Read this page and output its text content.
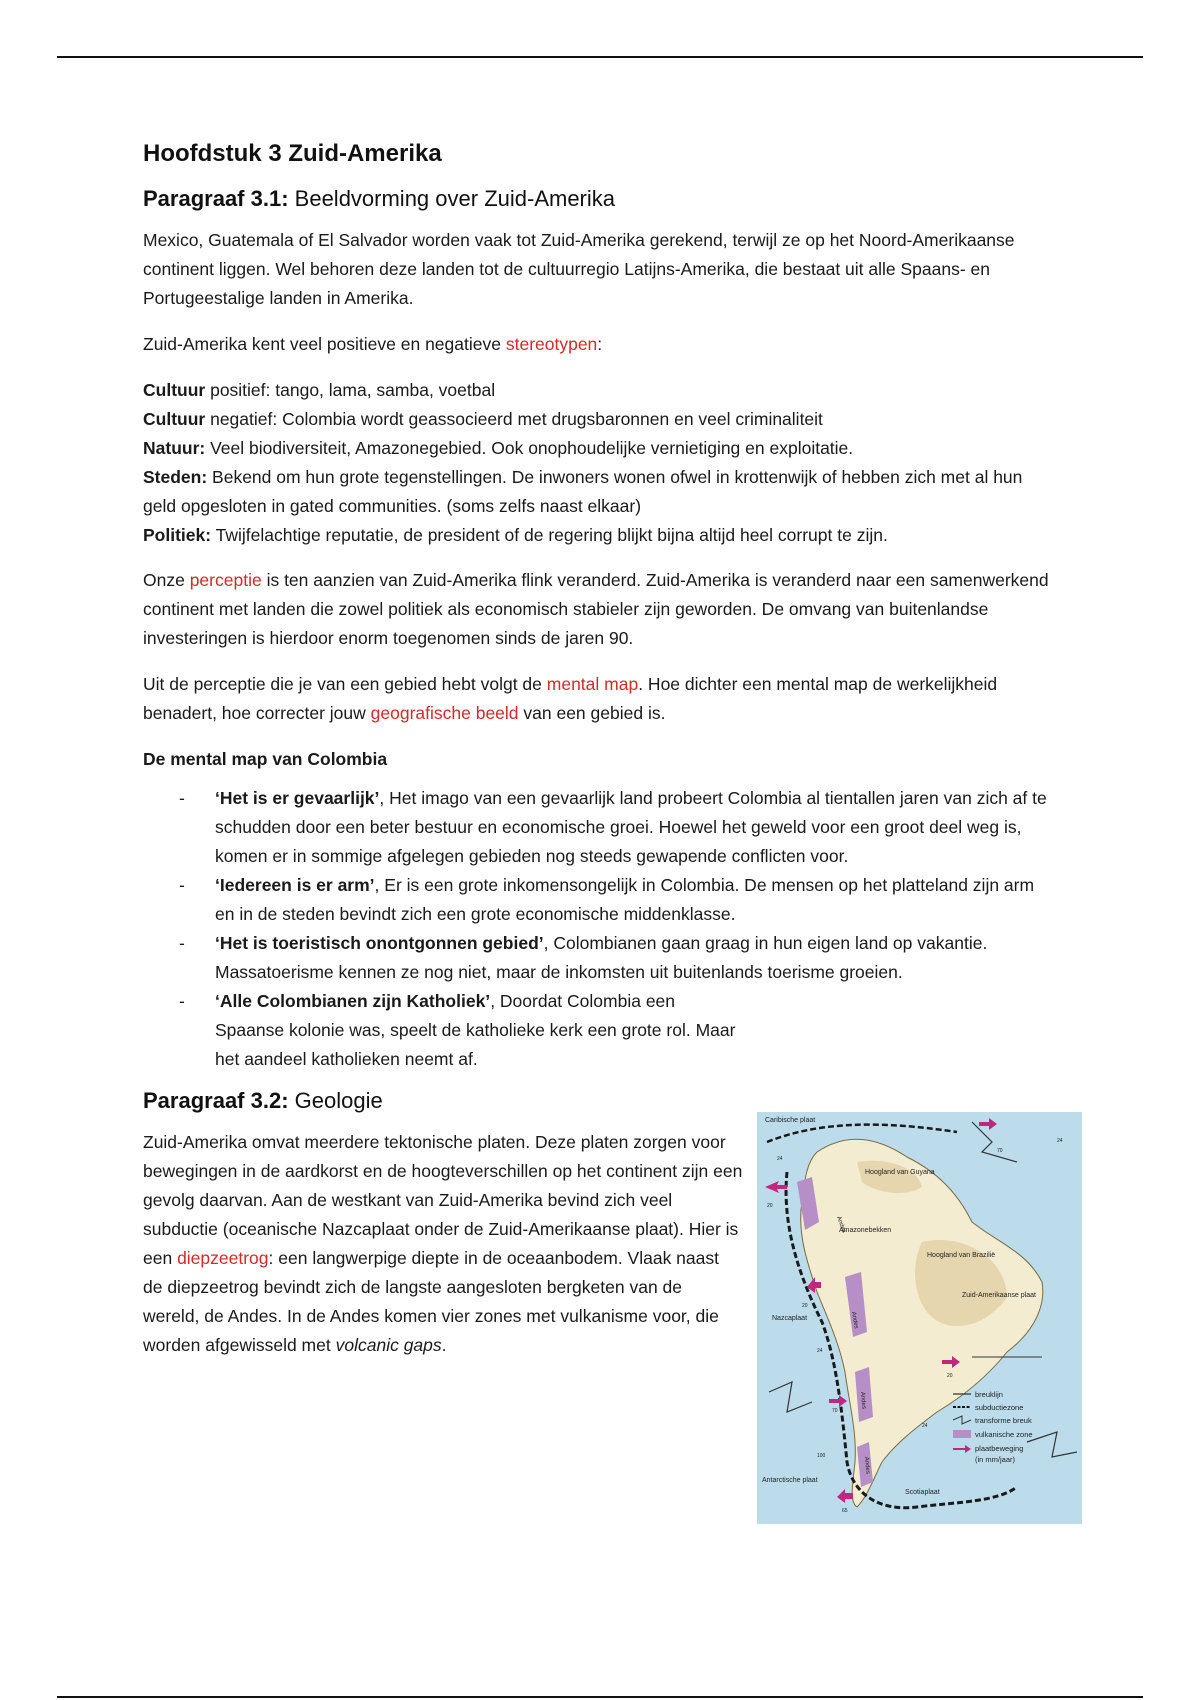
Hoofdstuk 3 Zuid-Amerika
Paragraaf 3.1: Beeldvorming over Zuid-Amerika

Mexico, Guatemala of El Salvador worden vaak tot Zuid-Amerika gerekend, terwijl ze op het Noord-Amerikaanse continent liggen. Wel behoren deze landen tot de cultuurregio Latijns-Amerika, die bestaat uit alle Spaans- en Portugeestalige landen in Amerika.

Zuid-Amerika kent veel positieve en negatieve stereotypen:

Cultuur positief: tango, lama, samba, voetbal
Cultuur negatief: Colombia wordt geassocieerd met drugsbaronnen en veel criminaliteit
Natuur: Veel biodiversiteit, Amazonegebied. Ook onophoudelijke vernietiging en exploitatie.
Steden: Bekend om hun grote tegenstellingen. De inwoners wonen ofwel in krottenwijk of hebben zich met al hun geld opgesloten in gated communities. (soms zelfs naast elkaar)
Politiek: Twijfelachtige reputatie, de president of de regering blijkt bijna altijd heel corrupt te zijn.

Onze perceptie is ten aanzien van Zuid-Amerika flink veranderd. Zuid-Amerika is veranderd naar een samenwerkend continent met landen die zowel politiek als economisch stabieler zijn geworden. De omvang van buitenlandse investeringen is hierdoor enorm toegenomen sinds de jaren 90.

Uit de perceptie die je van een gebied hebt volgt de mental map. Hoe dichter een mental map de werkelijkheid benadert, hoe correcter jouw geografische beeld van een gebied is.

De mental map van Colombia
- ‘Het is er gevaarlijk’, Het imago van een gevaarlijk land probeert Colombia al tientallen jaren van zich af te schudden door een beter bestuur en economische groei. Hoewel het geweld voor een groot deel weg is, komen er in sommige afgelegen gebieden nog steeds gewapende conflicten voor.
- ‘Iedereen is er arm’, Er is een grote inkomensongelijk in Colombia. De mensen op het platteland zijn arm en in de steden bevindt zich een grote economische middenklasse.
- ‘Het is toeristisch onontgonnen gebied’, Colombianen gaan graag in hun eigen land op vakantie. Massatoerisme kennen ze nog niet, maar de inkomsten uit buitenlands toerisme groeien.
- ‘Alle Colombianen zijn Katholiek’, Doordat Colombia een Spaanse kolonie was, speelt de katholieke kerk een grote rol. Maar het aandeel katholieken neemt af.
Paragraaf 3.2: Geologie

Zuid-Amerika omvat meerdere tektonische platen. Deze platen zorgen voor bewegingen in de aardkorst en de hoogteverschillen op het continent zijn een gevolg daarvan. Aan de westkant van Zuid-Amerika bevind zich veel subductie (oceanische Nazcaplaat onder de Zuid-Amerikaanse plaat). Hier is een diepzeetrog: een langwerpige diepte in de oceaanbodem. Vlaak naast de diepzeetrog bevindt zich de langste aangesloten bergketen van de wereld, de Andes. In de Andes komen vier zones met vulkanisme voor, die worden afgewisseld met volcanic gaps.

Caribische plaat
Hoogland van Guyana
Amazonebekken
Hoogland van Brazilië
Zuid-Amerikaanse plaat
Nazcaplaat
Antarctische plaat
Scotiaplaat
Andes
Andes
Andes
Andes
70
20
20
20
70
65
24
24
24
24
100
breuklijn
subductiezone
transforme breuk
vulkanische zone
plaatbeweging
(in mm/jaar)
